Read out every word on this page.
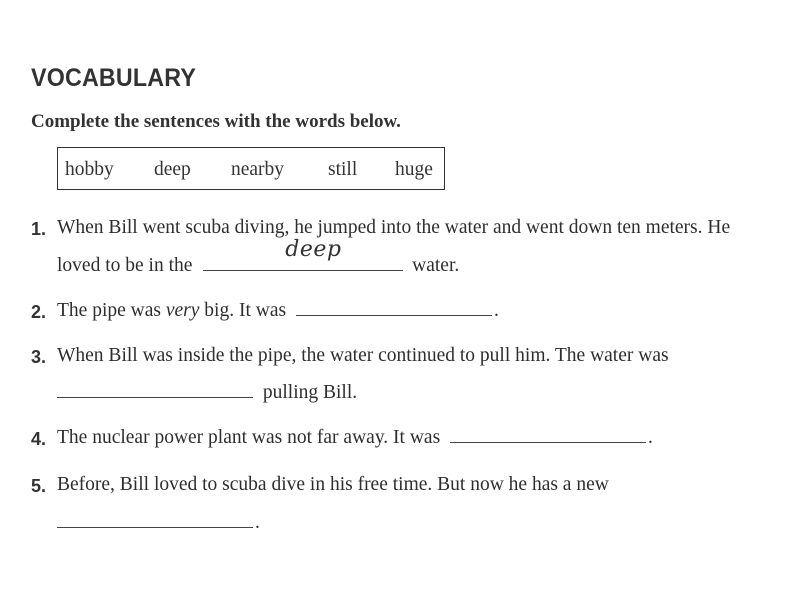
VOCABULARY
Complete the sentences with the words below.
hobby deep nearby still huge
1. When Bill went scuba diving, he jumped into the water and went down ten meters. He
loved to be in the
deep
water.
2. The pipe was very big. It was	.
3. When Bill was inside the pipe, the water continued to pull him. The water was
pulling Bill.
4. The nuclear power plant was not far away. It was	.
5. Before, Bill loved to scuba dive in his free time. But now he has a new
.
